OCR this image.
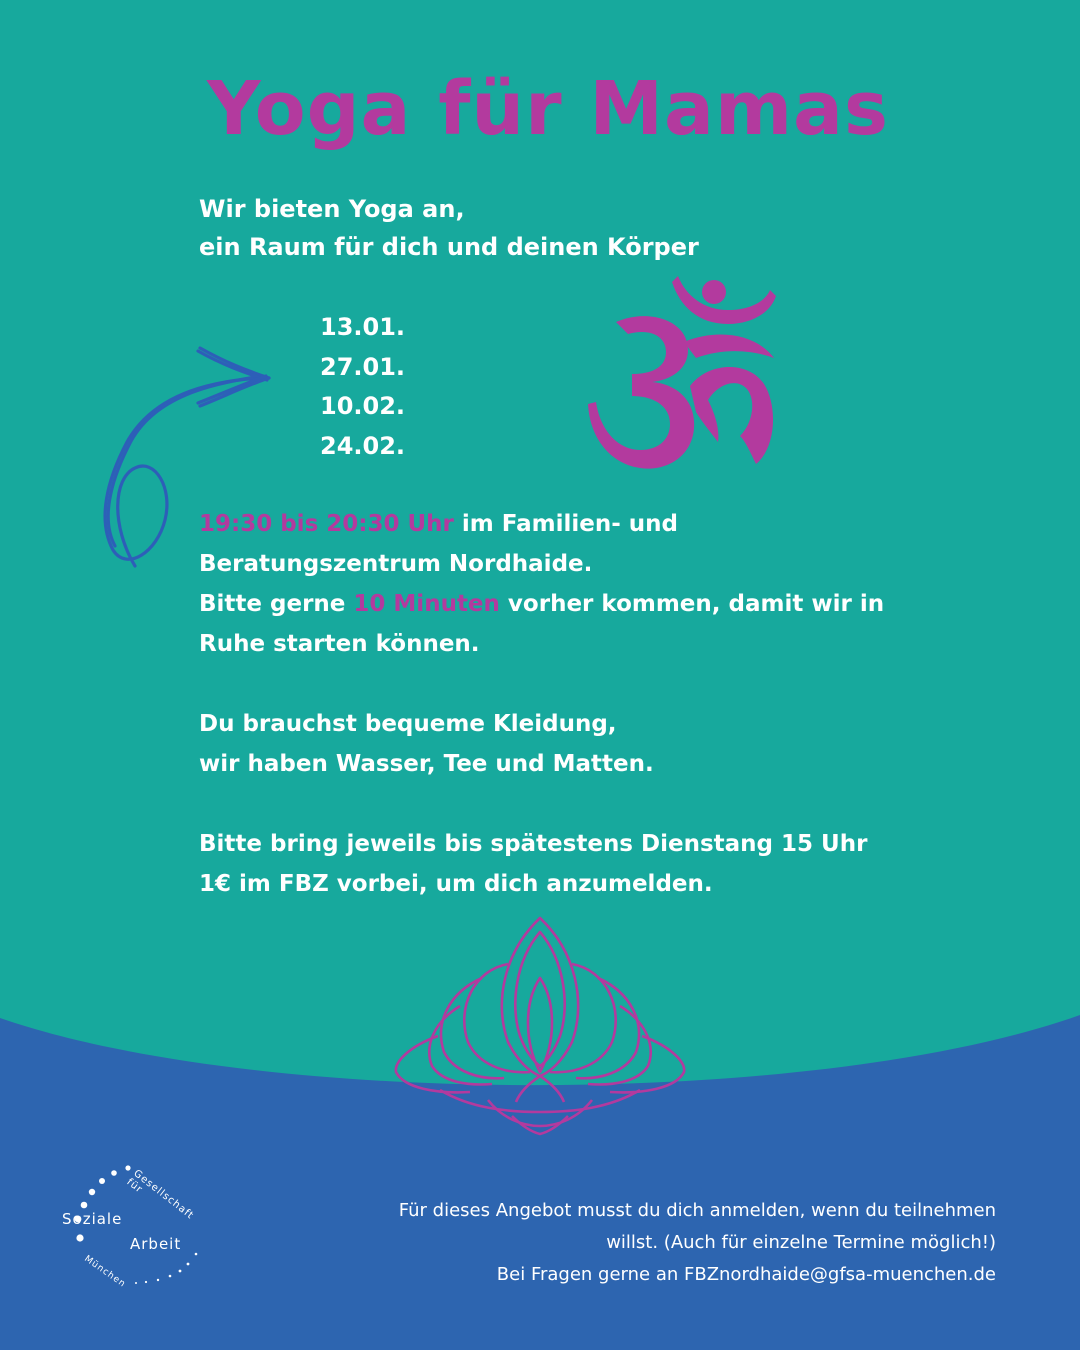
Yoga für Mamas
Wir bieten Yoga an,
ein Raum für dich und deinen Körper
13.01.
27.01.
10.02.
24.02.

19:30 bis 20:30 Uhr im Familien- und

Beratungszentrum Nordhaide.

Bitte gerne 10 Minuten vorher kommen, damit wir in

Ruhe starten können.

Du brauchst bequeme Kleidung,

wir haben Wasser, Tee und Matten.

Bitte bring jeweils bis spätestens Dienstang 15 Uhr

1€ im FBZ vorbei, um dich anzumelden.

Soziale
Arbeit
Gesellschaft für
München
Für dieses Angebot musst du dich anmelden, wenn du teilnehmen
willst. (Auch für einzelne Termine möglich!)
Bei Fragen gerne an FBZnordhaide@gfsa-muenchen.de
